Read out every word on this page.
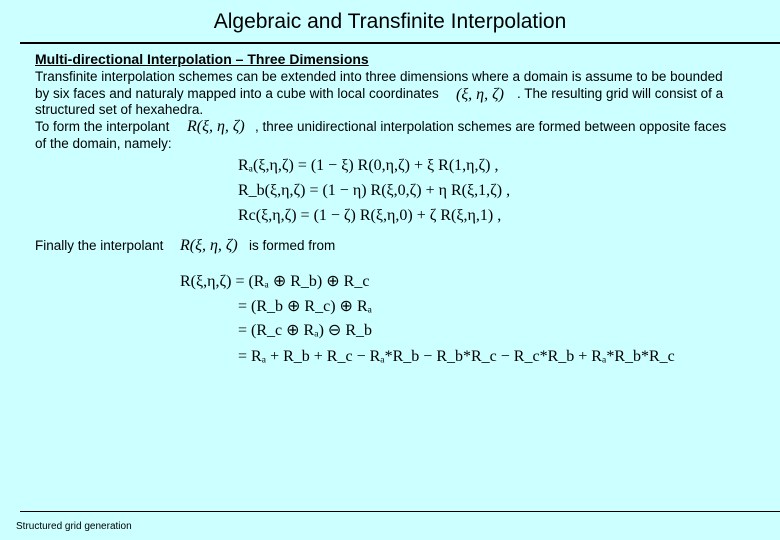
Algebraic and Transfinite Interpolation
Multi-directional Interpolation – Three Dimensions
Transfinite interpolation schemes can be extended into three dimensions where a domain is assume to be bounded
by six faces and naturaly mapped into a cube with local coordinates (ξ, η, ζ) . The resulting grid will consist of a
structured set of hexahedra.
To form the interpolant R(ξ, η, ζ) , three unidirectional interpolation schemes are formed between opposite faces
of the domain, namely:
Rₐ(ξ,η,ζ) = (1 − ξ) R(0,η,ζ) + ξ R(1,η,ζ) ,
R_b(ξ,η,ζ) = (1 − η) R(ξ,0,ζ) + η R(ξ,1,ζ) ,
Rc(ξ,η,ζ) = (1 − ζ) R(ξ,η,0) + ζ R(ξ,η,1) ,
Finally the interpolant R(ξ, η, ζ) is formed from
R(ξ,η,ζ) = (Rₐ ⊕ R_b) ⊕ R_c
= (R_b ⊕ R_c) ⊕ Rₐ
= (R_c ⊕ Rₐ) ⊖ R_b
= Rₐ + R_b + R_c − Rₐ*R_b − R_b*R_c − R_c*R_b + Rₐ*R_b*R_c
Structured grid generation
